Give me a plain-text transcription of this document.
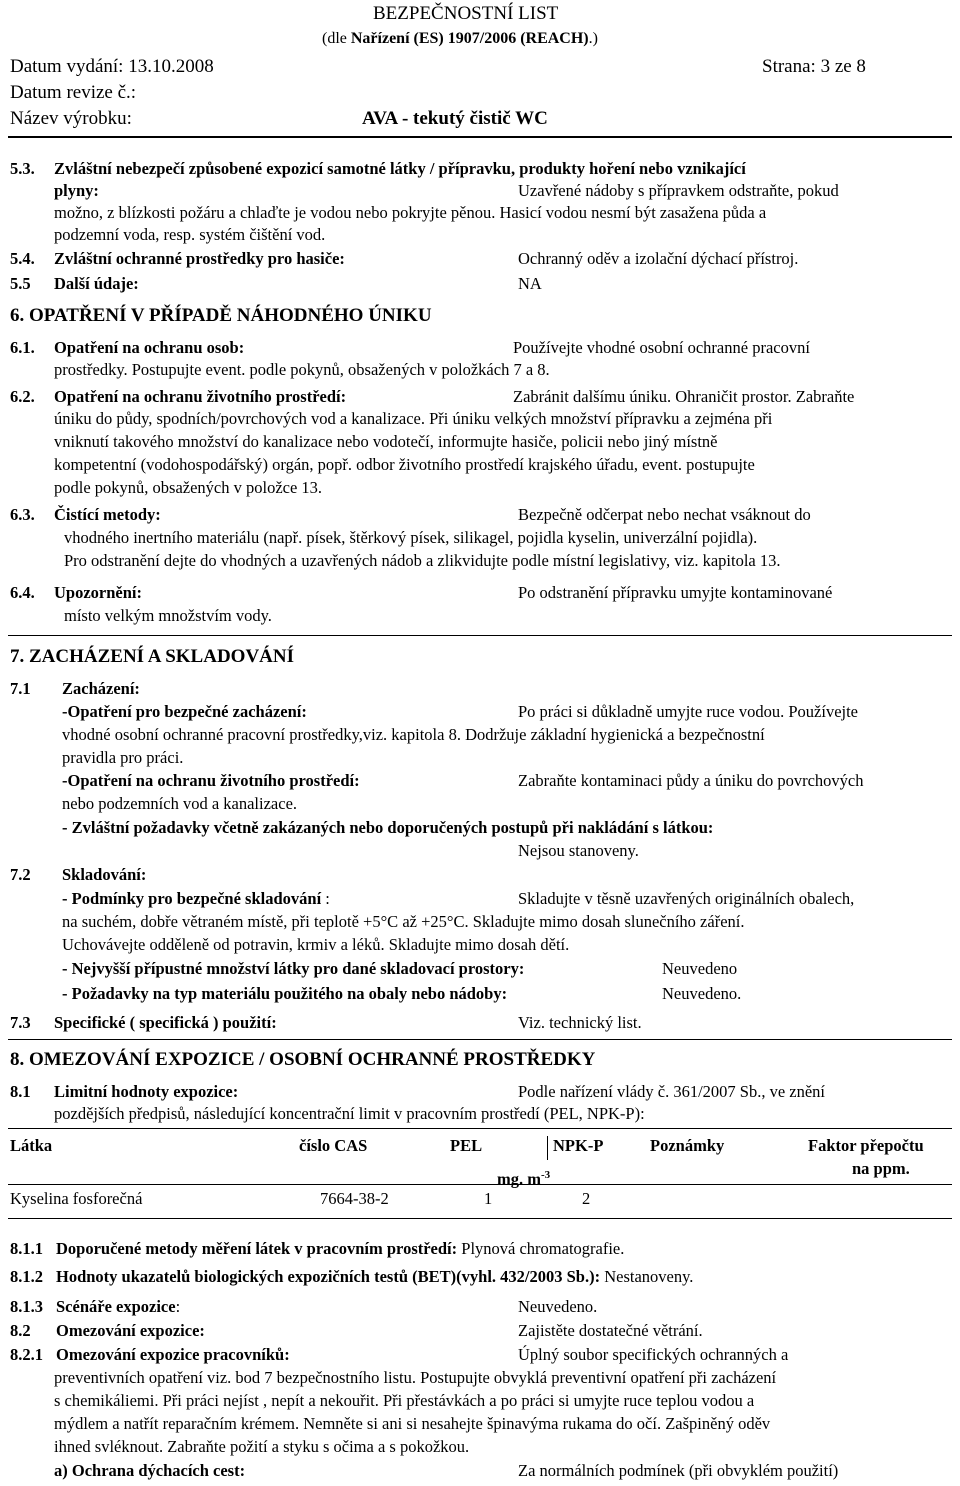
BEZPEČNOSTNÍ LIST
(dle Nařízení (ES) 1907/2006 (REACH).)
Datum vydání: 13.10.2008	Strana: 3 ze 8
Datum revize č.:
Název výrobku:	AVA - tekutý čistič WC
5.3. Zvláštní nebezpečí způsobené expozicí samotné látky / přípravku, produkty hoření nebo vznikající
plyny:	Uzavřené nádoby s přípravkem odstraňte, pokud
možno, z blízkosti požáru a chlaďte je vodou nebo pokryjte pěnou. Hasicí vodou nesmí být zasažena půda a
podzemní voda, resp. systém čištění vod.
5.4. Zvláštní ochranné prostředky pro hasiče:	Ochranný oděv a izolační dýchací přístroj.
5.5 Další údaje:	NA
6. OPATŘENÍ V PŘÍPADĚ NÁHODNÉHO ÚNIKU
6.1. Opatření na ochranu osob:	Používejte vhodné osobní ochranné pracovní
prostředky. Postupujte event. podle pokynů, obsažených v položkách 7 a 8.
6.2. Opatření na ochranu životního prostředí:	Zabránit dalšímu úniku. Ohraničit prostor. Zabraňte
úniku do půdy, spodních/povrchových vod a kanalizace. Při úniku velkých množství přípravku a zejména při
vniknutí takového množství do kanalizace nebo vodotečí, informujte hasiče, policii nebo jiný místně
kompetentní (vodohospodářský) orgán, popř. odbor životního prostředí krajského úřadu, event. postupujte
podle pokynů, obsažených v položce 13.
6.3. Čistící metody:	Bezpečně odčerpat nebo nechat vsáknout do
vhodného inertního materiálu (např. písek, štěrkový písek, silikagel, pojidla kyselin, univerzální pojidla).
Pro odstranění dejte do vhodných a uzavřených nádob a zlikvidujte podle místní legislativy, viz. kapitola 13.
6.4. Upozornění:	Po odstranění přípravku umyjte kontaminované
místo velkým množstvím vody.
7. ZACHÁZENÍ A SKLADOVÁNÍ
7.1 Zacházení:
-Opatření pro bezpečné zacházení:	Po práci si důkladně umyjte ruce vodou. Používejte
vhodné osobní ochranné pracovní prostředky,viz. kapitola 8. Dodržuje základní hygienická a bezpečnostní
pravidla pro práci.
-Opatření na ochranu životního prostředí:	Zabraňte kontaminaci půdy a úniku do povrchových
nebo podzemních vod a kanalizace.
- Zvláštní požadavky včetně zakázaných nebo doporučených postupů při nakládání s látkou:
Nejsou stanoveny.
7.2 Skladování:
- Podmínky pro bezpečné skladování :	Skladujte v těsně uzavřených originálních obalech,
na suchém, dobře větraném místě, při teplotě +5°C až +25°C. Skladujte mimo dosah slunečního záření.
Uchovávejte odděleně od potravin, krmiv a léků. Skladujte mimo dosah dětí.
- Nejvyšší přípustné množství látky pro dané skladovací prostory:	Neuvedeno
- Požadavky na typ materiálu použitého na obaly nebo nádoby:	Neuvedeno.
7.3 Specifické ( specifická ) použití:	Viz. technický list.
8. OMEZOVÁNÍ EXPOZICE / OSOBNÍ OCHRANNÉ PROSTŘEDKY
8.1 Limitní hodnoty expozice:	Podle nařízení vlády č. 361/2007 Sb., ve znění
pozdějších předpisů, následující koncentrační limit v pracovním prostředí (PEL, NPK-P):
Látka	číslo CAS	PEL	NPK-P	Poznámky	Faktor přepočtu
na ppm.
mg. $m^{-3}$
Kyselina fosforečná	7664-38-2	1	2
8.1.1 Doporučené metody měření látek v pracovním prostředí: Plynová chromatografie.
8.1.2 Hodnoty ukazatelů biologických expozičních testů (BET)(vyhl. 432/2003 Sb.): Nestanoveny.
8.1.3 Scénáře expozice:	Neuvedeno.
8.2 Omezování expozice:	Zajistěte dostatečné větrání.
8.2.1 Omezování expozice pracovníků:	Úplný soubor specifických ochranných a
preventivních opatření viz. bod 7 bezpečnostního listu. Postupujte obvyklá preventivní opatření při zacházení
s chemikáliemi. Při práci nejíst , nepít a nekouřit. Při přestávkách a po práci si umyjte ruce teplou vodou a
mýdlem a natřít reparačním krémem. Nemněte si ani si nesahejte špinavýma rukama do očí. Zašpiněný oděv
ihned svléknout. Zabraňte požití a styku s očima a s pokožkou.
a) Ochrana dýchacích cest:	Za normálních podmínek (při obvyklém použití)
